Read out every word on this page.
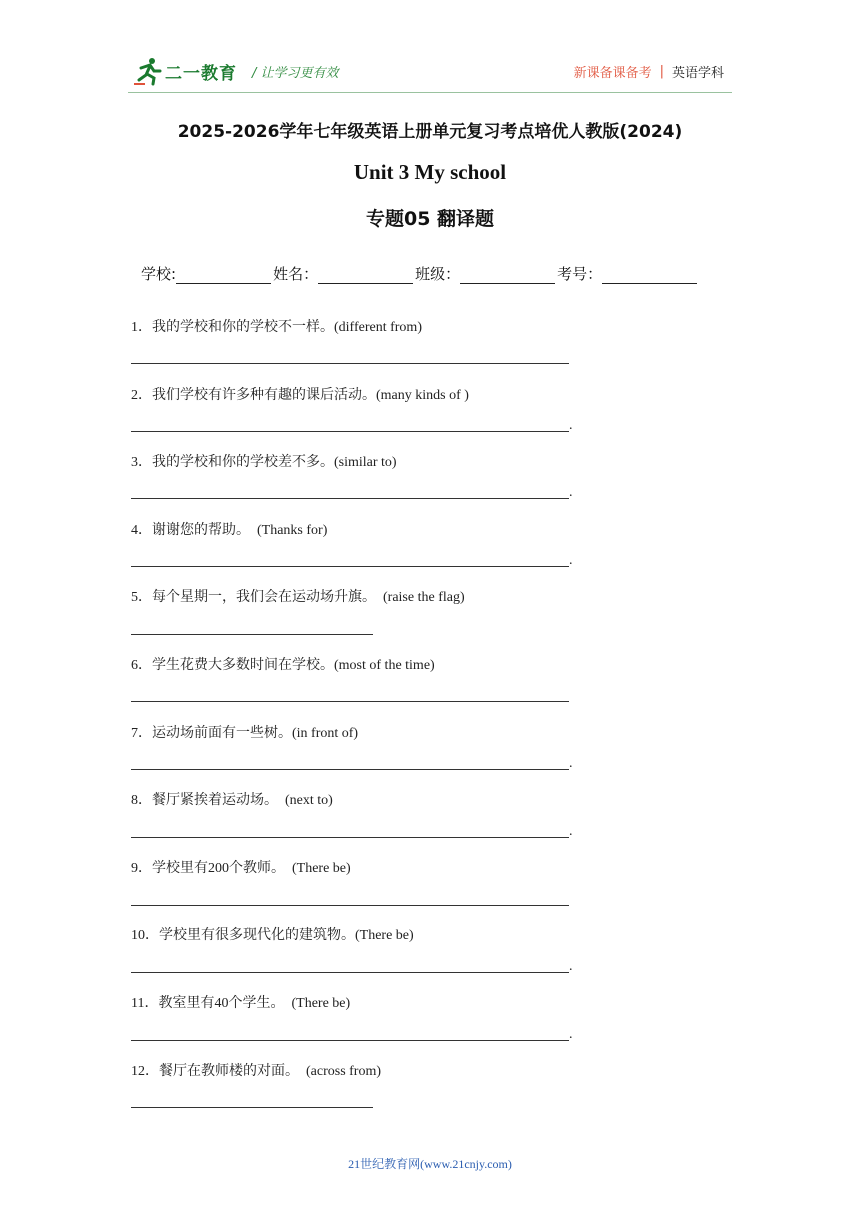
二一教育 / 让学习更有效	新课备课备考 | 英语学科
2025-2026学年七年级英语上册单元复习考点培优人教版(2024)
Unit 3 My school
专题05 翻译题
学校:	姓名：	班级：	考号：
1．我的学校和你的学校不一样。(different from)
2．我们学校有许多种有趣的课后活动。(many kinds of )
.
3．我的学校和你的学校差不多。(similar to)
.
4．谢谢您的帮助。  (Thanks for)
.
5．每个星期一，我们会在运动场升旗。  (raise the flag)
6．学生花费大多数时间在学校。(most of the time)
7．运动场前面有一些树。(in front of)
.
8．餐厅紧挨着运动场。  (next to)
.
9．学校里有200个教师。  (There be)
10．学校里有很多现代化的建筑物。(There be)
.
11．教室里有40个学生。  (There be)
.
12．餐厅在教师楼的对面。  (across from)
21世纪教育网(www.21cnjy.com)
